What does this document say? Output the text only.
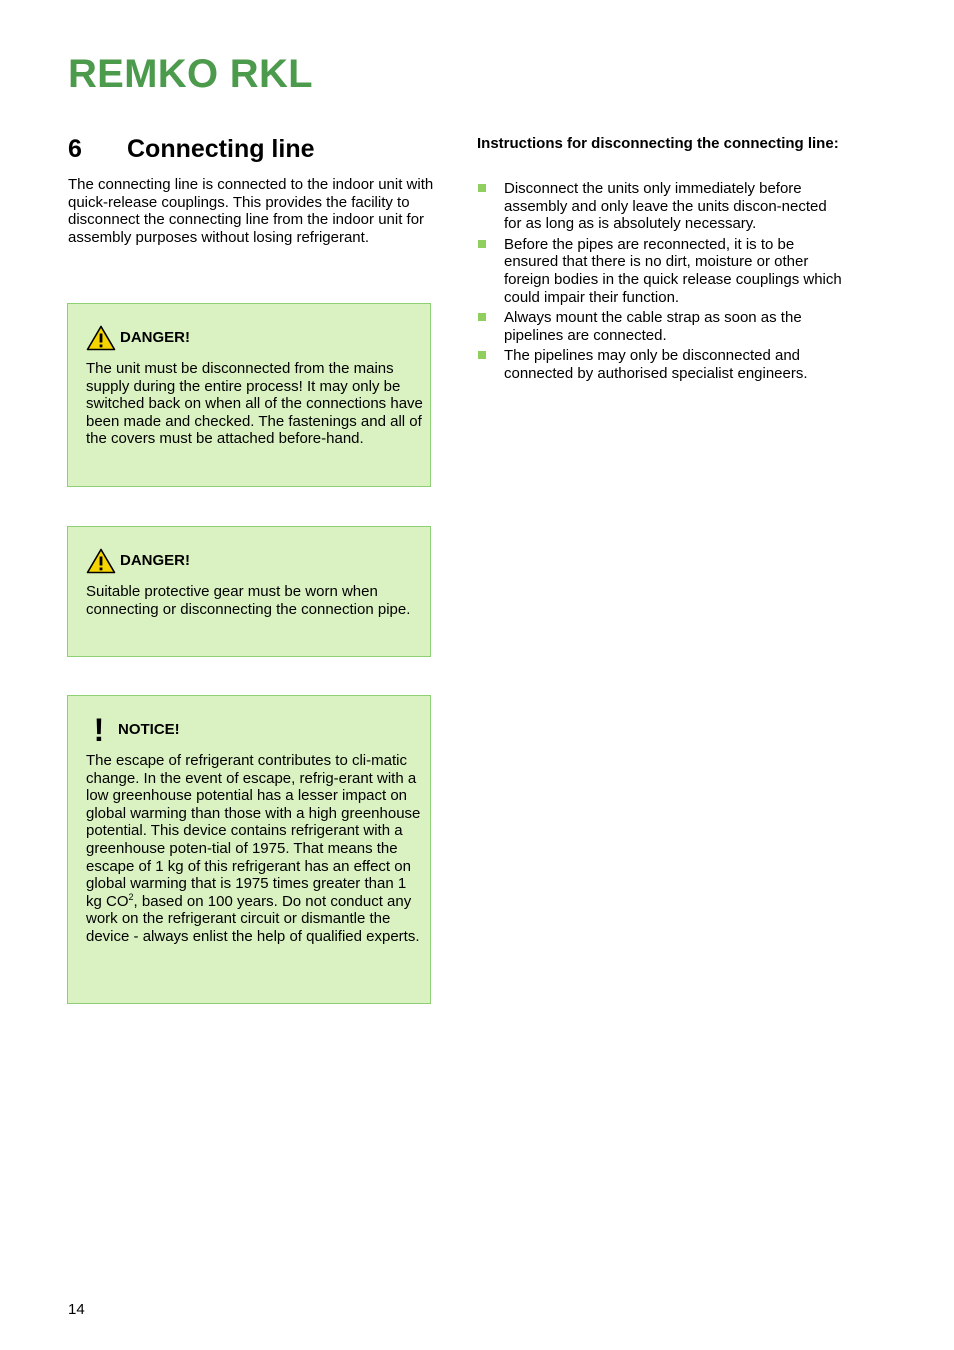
REMKO RKL
6 Connecting line

The connecting line is connected to the indoor unit with quick-release couplings. This provides the facility to disconnect the connecting line from the indoor unit for assembly purposes without losing refrigerant.

DANGER!

The unit must be disconnected from the mains supply during the entire process! It may only be switched back on when all of the connections have been made and checked. The fastenings and all of the covers must be attached before-hand.

DANGER!

Suitable protective gear must be worn when connecting or disconnecting the connection pipe.

! NOTICE!

The escape of refrigerant contributes to cli-matic change. In the event of escape, refrig-erant with a low greenhouse potential has a lesser impact on global warming than those with a high greenhouse potential. This device contains refrigerant with a greenhouse poten-tial of 1975. That means the escape of 1 kg of this refrigerant has an effect on global warming that is 1975 times greater than 1 kg $CO^2$, based on 100 years. Do not conduct any work on the refrigerant circuit or dismantle the device - always enlist the help of qualified experts.

Instructions for disconnecting the connecting line:

Disconnect the units only immediately before assembly and only leave the units discon-nected for as long as is absolutely necessary.
Before the pipes are reconnected, it is to be ensured that there is no dirt, moisture or other foreign bodies in the quick release couplings which could impair their function.
Always mount the cable strap as soon as the pipelines are connected.
The pipelines may only be disconnected and connected by authorised specialist engineers.
14
